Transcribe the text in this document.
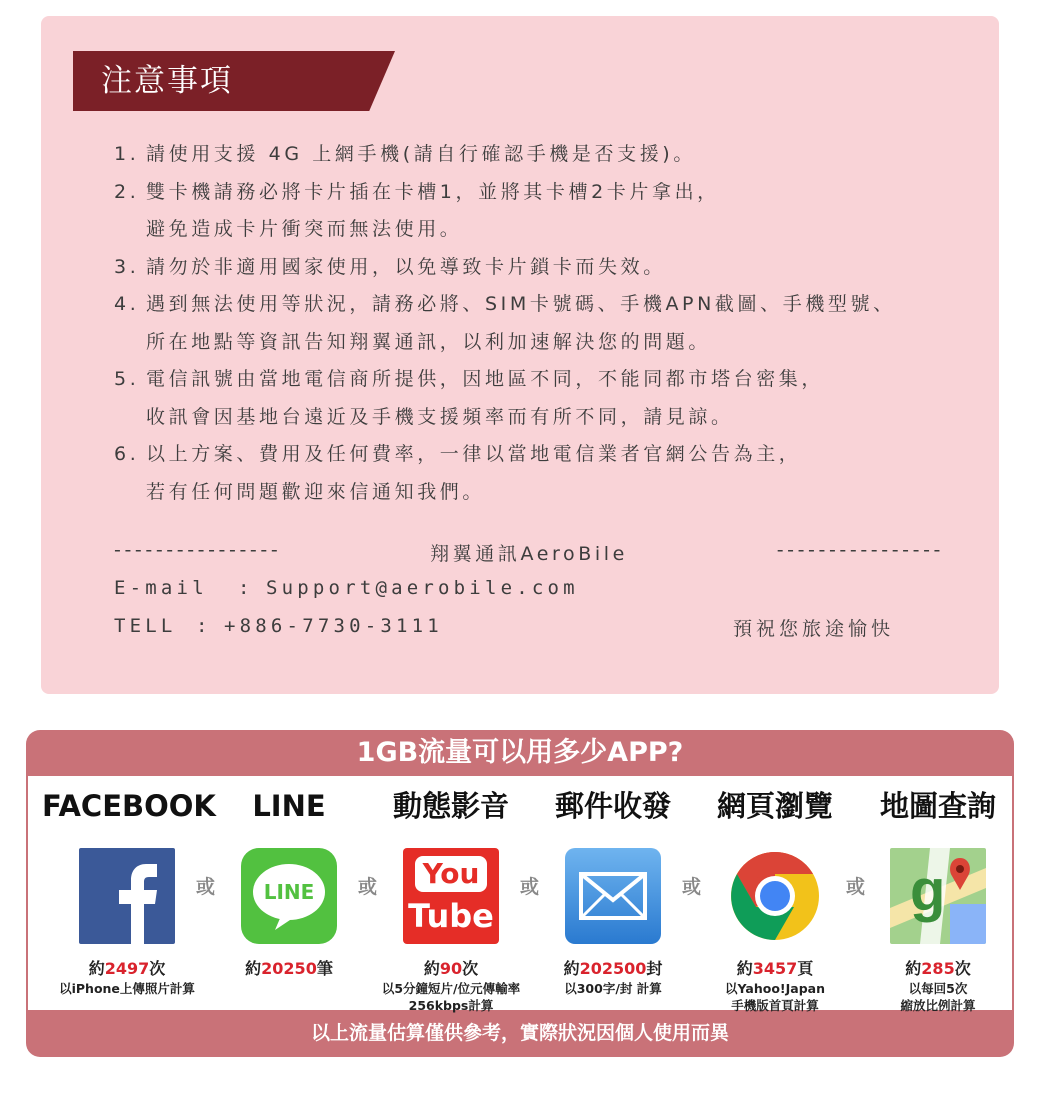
注意事項
1. 請使用支援 4G 上網手機(請自行確認手機是否支援)。
2. 雙卡機請務必將卡片插在卡槽1，並將其卡槽2卡片拿出，
避免造成卡片衝突而無法使用。
3. 請勿於非適用國家使用，以免導致卡片鎖卡而失效。
4. 遇到無法使用等狀況，請務必將、SIM卡號碼、手機APN截圖、手機型號、
所在地點等資訊告知翔翼通訊，以利加速解決您的問題。
5. 電信訊號由當地電信商所提供，因地區不同，不能同都市塔台密集，
收訊會因基地台遠近及手機支援頻率而有所不同，請見諒。
6. 以上方案、費用及任何費率，一律以當地電信業者官網公告為主，
若有任何問題歡迎來信通知我們。
----------------	翔翼通訊AeroBile	----------------
E-mail : Support@aerobile.com
TELL : +886-7730-3111	預祝您旅途愉快
1GB流量可以用多少APP?
以上流量估算僅供參考，實際狀況因個人使用而異
FACEBOOK
約2497次
以iPhone上傳照片計算
或
LINE
LINE
約20250筆
或
動態影音
You
Tube
約90次
以5分鐘短片/位元傳輸率
256kbps計算
或
郵件收發
約202500封
以300字/封 計算
或
網頁瀏覽
約3457頁
以Yahoo!Japan
手機版首頁計算
或
地圖查詢
g
約285次
以每回5次
縮放比例計算
